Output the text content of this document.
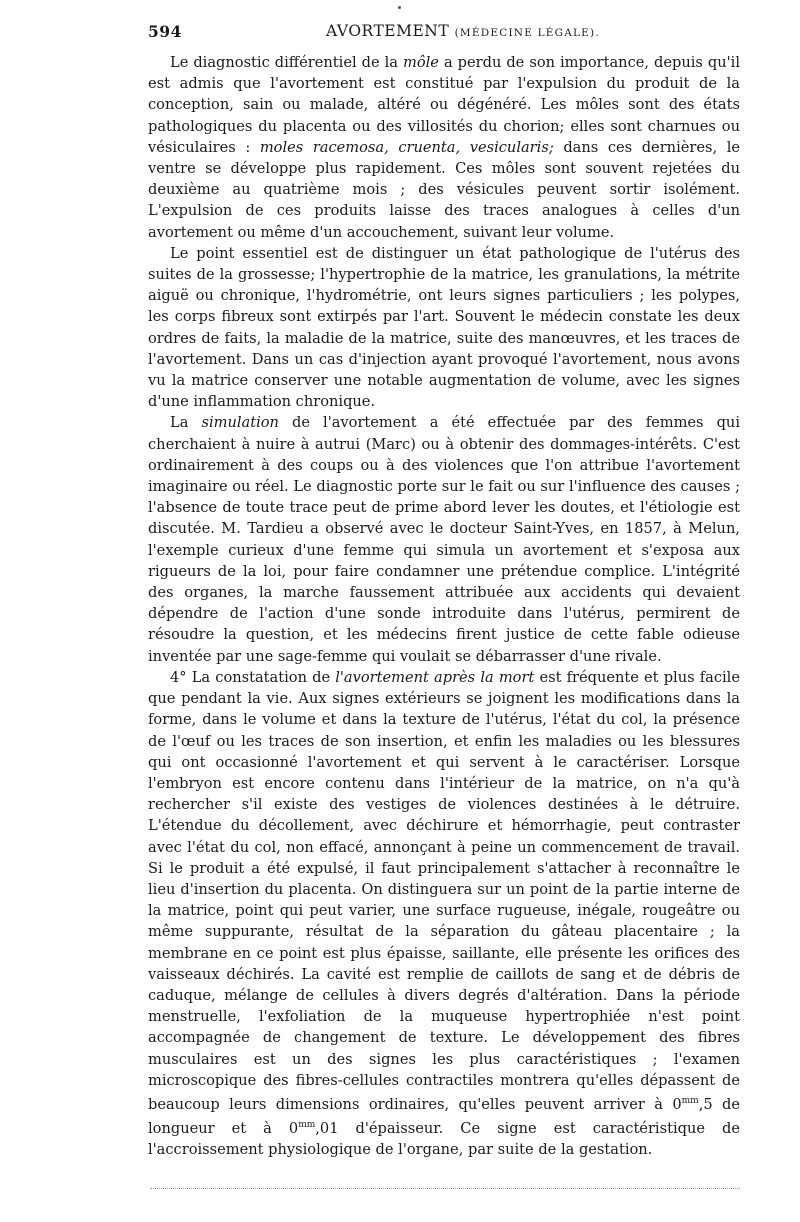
594	AVORTEMENT (MÉDECINE LÉGALE).

Le diagnostic différentiel de la môle a perdu de son importance, depuis qu'il est admis que l'avortement est constitué par l'expulsion du produit de la conception, sain ou malade, altéré ou dégénéré. Les môles sont des états pathologiques du placenta ou des villosités du chorion; elles sont charnues ou vésiculaires : moles racemosa, cruenta, vesicularis; dans ces dernières, le ventre se développe plus rapidement. Ces môles sont souvent rejetées du deuxième au quatrième mois ; des vésicules peuvent sortir isolément. L'expulsion de ces produits laisse des traces analogues à celles d'un avortement ou même d'un accouchement, suivant leur volume.

Le point essentiel est de distinguer un état pathologique de l'utérus des suites de la grossesse; l'hypertrophie de la matrice, les granulations, la métrite aiguë ou chronique, l'hydrométrie, ont leurs signes particuliers ; les polypes, les corps fibreux sont extirpés par l'art. Souvent le médecin constate les deux ordres de faits, la maladie de la matrice, suite des manœuvres, et les traces de l'avortement. Dans un cas d'injection ayant provoqué l'avortement, nous avons vu la matrice conserver une notable augmentation de volume, avec les signes d'une inflammation chronique.

La simulation de l'avortement a été effectuée par des femmes qui cherchaient à nuire à autrui (Marc) ou à obtenir des dommages-intérêts. C'est ordinairement à des coups ou à des violences que l'on attribue l'avortement imaginaire ou réel. Le diagnostic porte sur le fait ou sur l'influence des causes ; l'absence de toute trace peut de prime abord lever les doutes, et l'étiologie est discutée. M. Tardieu a observé avec le docteur Saint-Yves, en 1857, à Melun, l'exemple curieux d'une femme qui simula un avortement et s'exposa aux rigueurs de la loi, pour faire condamner une prétendue complice. L'intégrité des organes, la marche faussement attribuée aux accidents qui devaient dépendre de l'action d'une sonde introduite dans l'utérus, permirent de résoudre la question, et les médecins firent justice de cette fable odieuse inventée par une sage-femme qui voulait se débarrasser d'une rivale.

4° La constatation de l'avortement après la mort est fréquente et plus facile que pendant la vie. Aux signes extérieurs se joignent les modifications dans la forme, dans le volume et dans la texture de l'utérus, l'état du col, la présence de l'œuf ou les traces de son insertion, et enfin les maladies ou les blessures qui ont occasionné l'avortement et qui servent à le caractériser. Lorsque l'embryon est encore contenu dans l'intérieur de la matrice, on n'a qu'à rechercher s'il existe des vestiges de violences destinées à le détruire. L'étendue du décollement, avec déchirure et hémorrhagie, peut contraster avec l'état du col, non effacé, annonçant à peine un commencement de travail. Si le produit a été expulsé, il faut principalement s'attacher à reconnaître le lieu d'insertion du placenta. On distinguera sur un point de la partie interne de la matrice, point qui peut varier, une surface rugueuse, inégale, rougeâtre ou même suppurante, résultat de la séparation du gâteau placentaire ; la membrane en ce point est plus épaisse, saillante, elle présente les orifices des vaisseaux déchirés. La cavité est remplie de caillots de sang et de débris de caduque, mélange de cellules à divers degrés d'altération. Dans la période menstruelle, l'exfoliation de la muqueuse hypertrophiée n'est point accompagnée de changement de texture. Le développement des fibres musculaires est un des signes les plus caractéristiques ; l'examen microscopique des fibres-cellules contractiles montrera qu'elles dépassent de beaucoup leurs dimensions ordinaires, qu'elles peuvent arriver à $0^{mm},5$ de longueur et à $0^{mm},01$ d'épaisseur. Ce signe est caractéristique de l'accroissement physiologique de l'organe, par suite de la gestation.
